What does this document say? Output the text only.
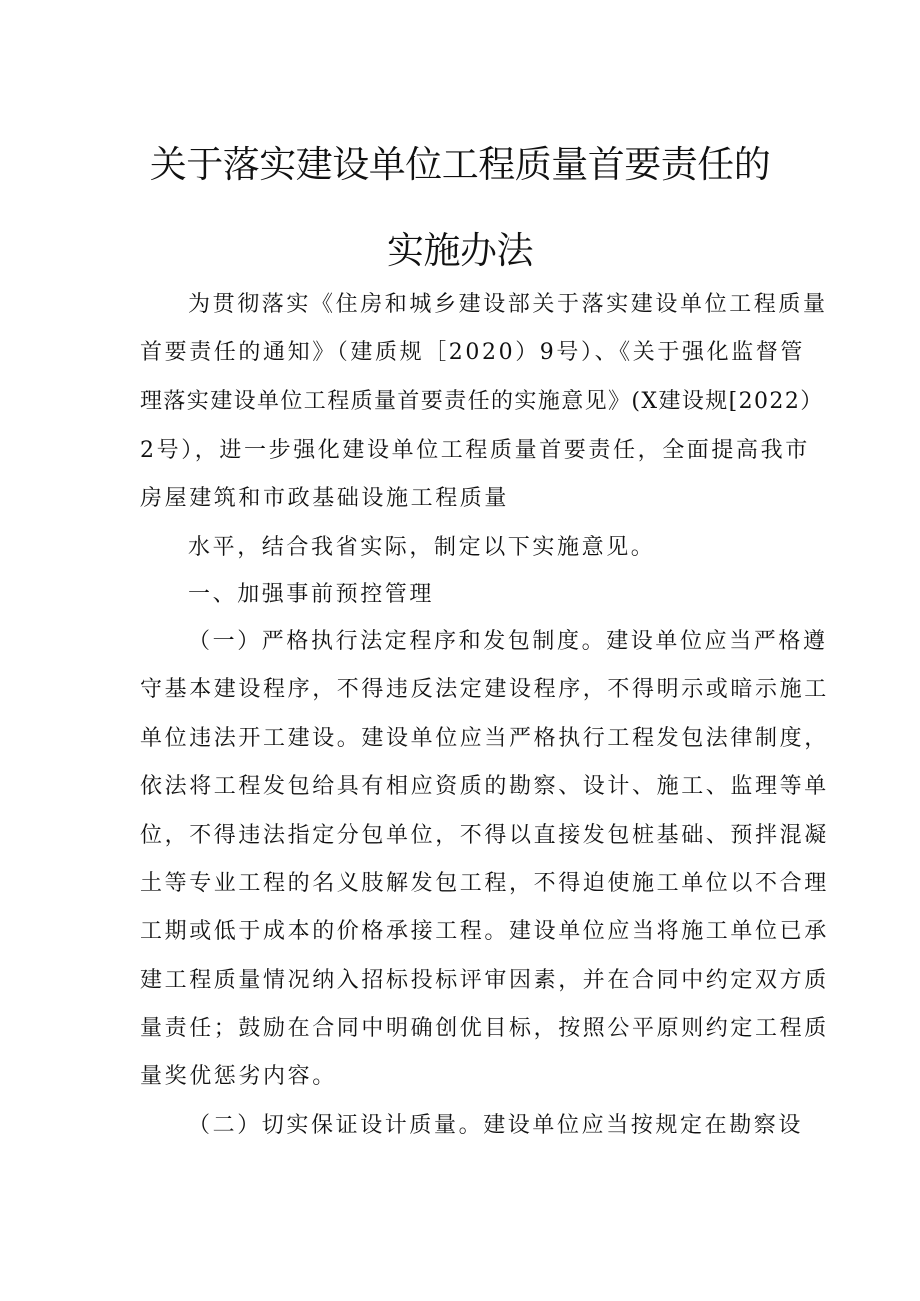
关于落实建设单位工程质量首要责任的
实施办法
为贯彻落实《住房和城乡建设部关于落实建设单位工程质量
首要责任的通知》（建质规［2020）9号）、《关于强化监督管
理落实建设单位工程质量首要责任的实施意见》(X建设规[2022）
2号），进一步强化建设单位工程质量首要责任，全面提高我市
房屋建筑和市政基础设施工程质量
水平，结合我省实际，制定以下实施意见。
一、加强事前预控管理
（一）严格执行法定程序和发包制度。建设单位应当严格遵
守基本建设程序，不得违反法定建设程序，不得明示或暗示施工
单位违法开工建设。建设单位应当严格执行工程发包法律制度，
依法将工程发包给具有相应资质的勘察、设计、施工、监理等单
位，不得违法指定分包单位，不得以直接发包桩基础、预拌混凝
土等专业工程的名义肢解发包工程，不得迫使施工单位以不合理
工期或低于成本的价格承接工程。建设单位应当将施工单位已承
建工程质量情况纳入招标投标评审因素，并在合同中约定双方质
量责任；鼓励在合同中明确创优目标，按照公平原则约定工程质
量奖优惩劣内容。
（二）切实保证设计质量。建设单位应当按规定在勘察设
